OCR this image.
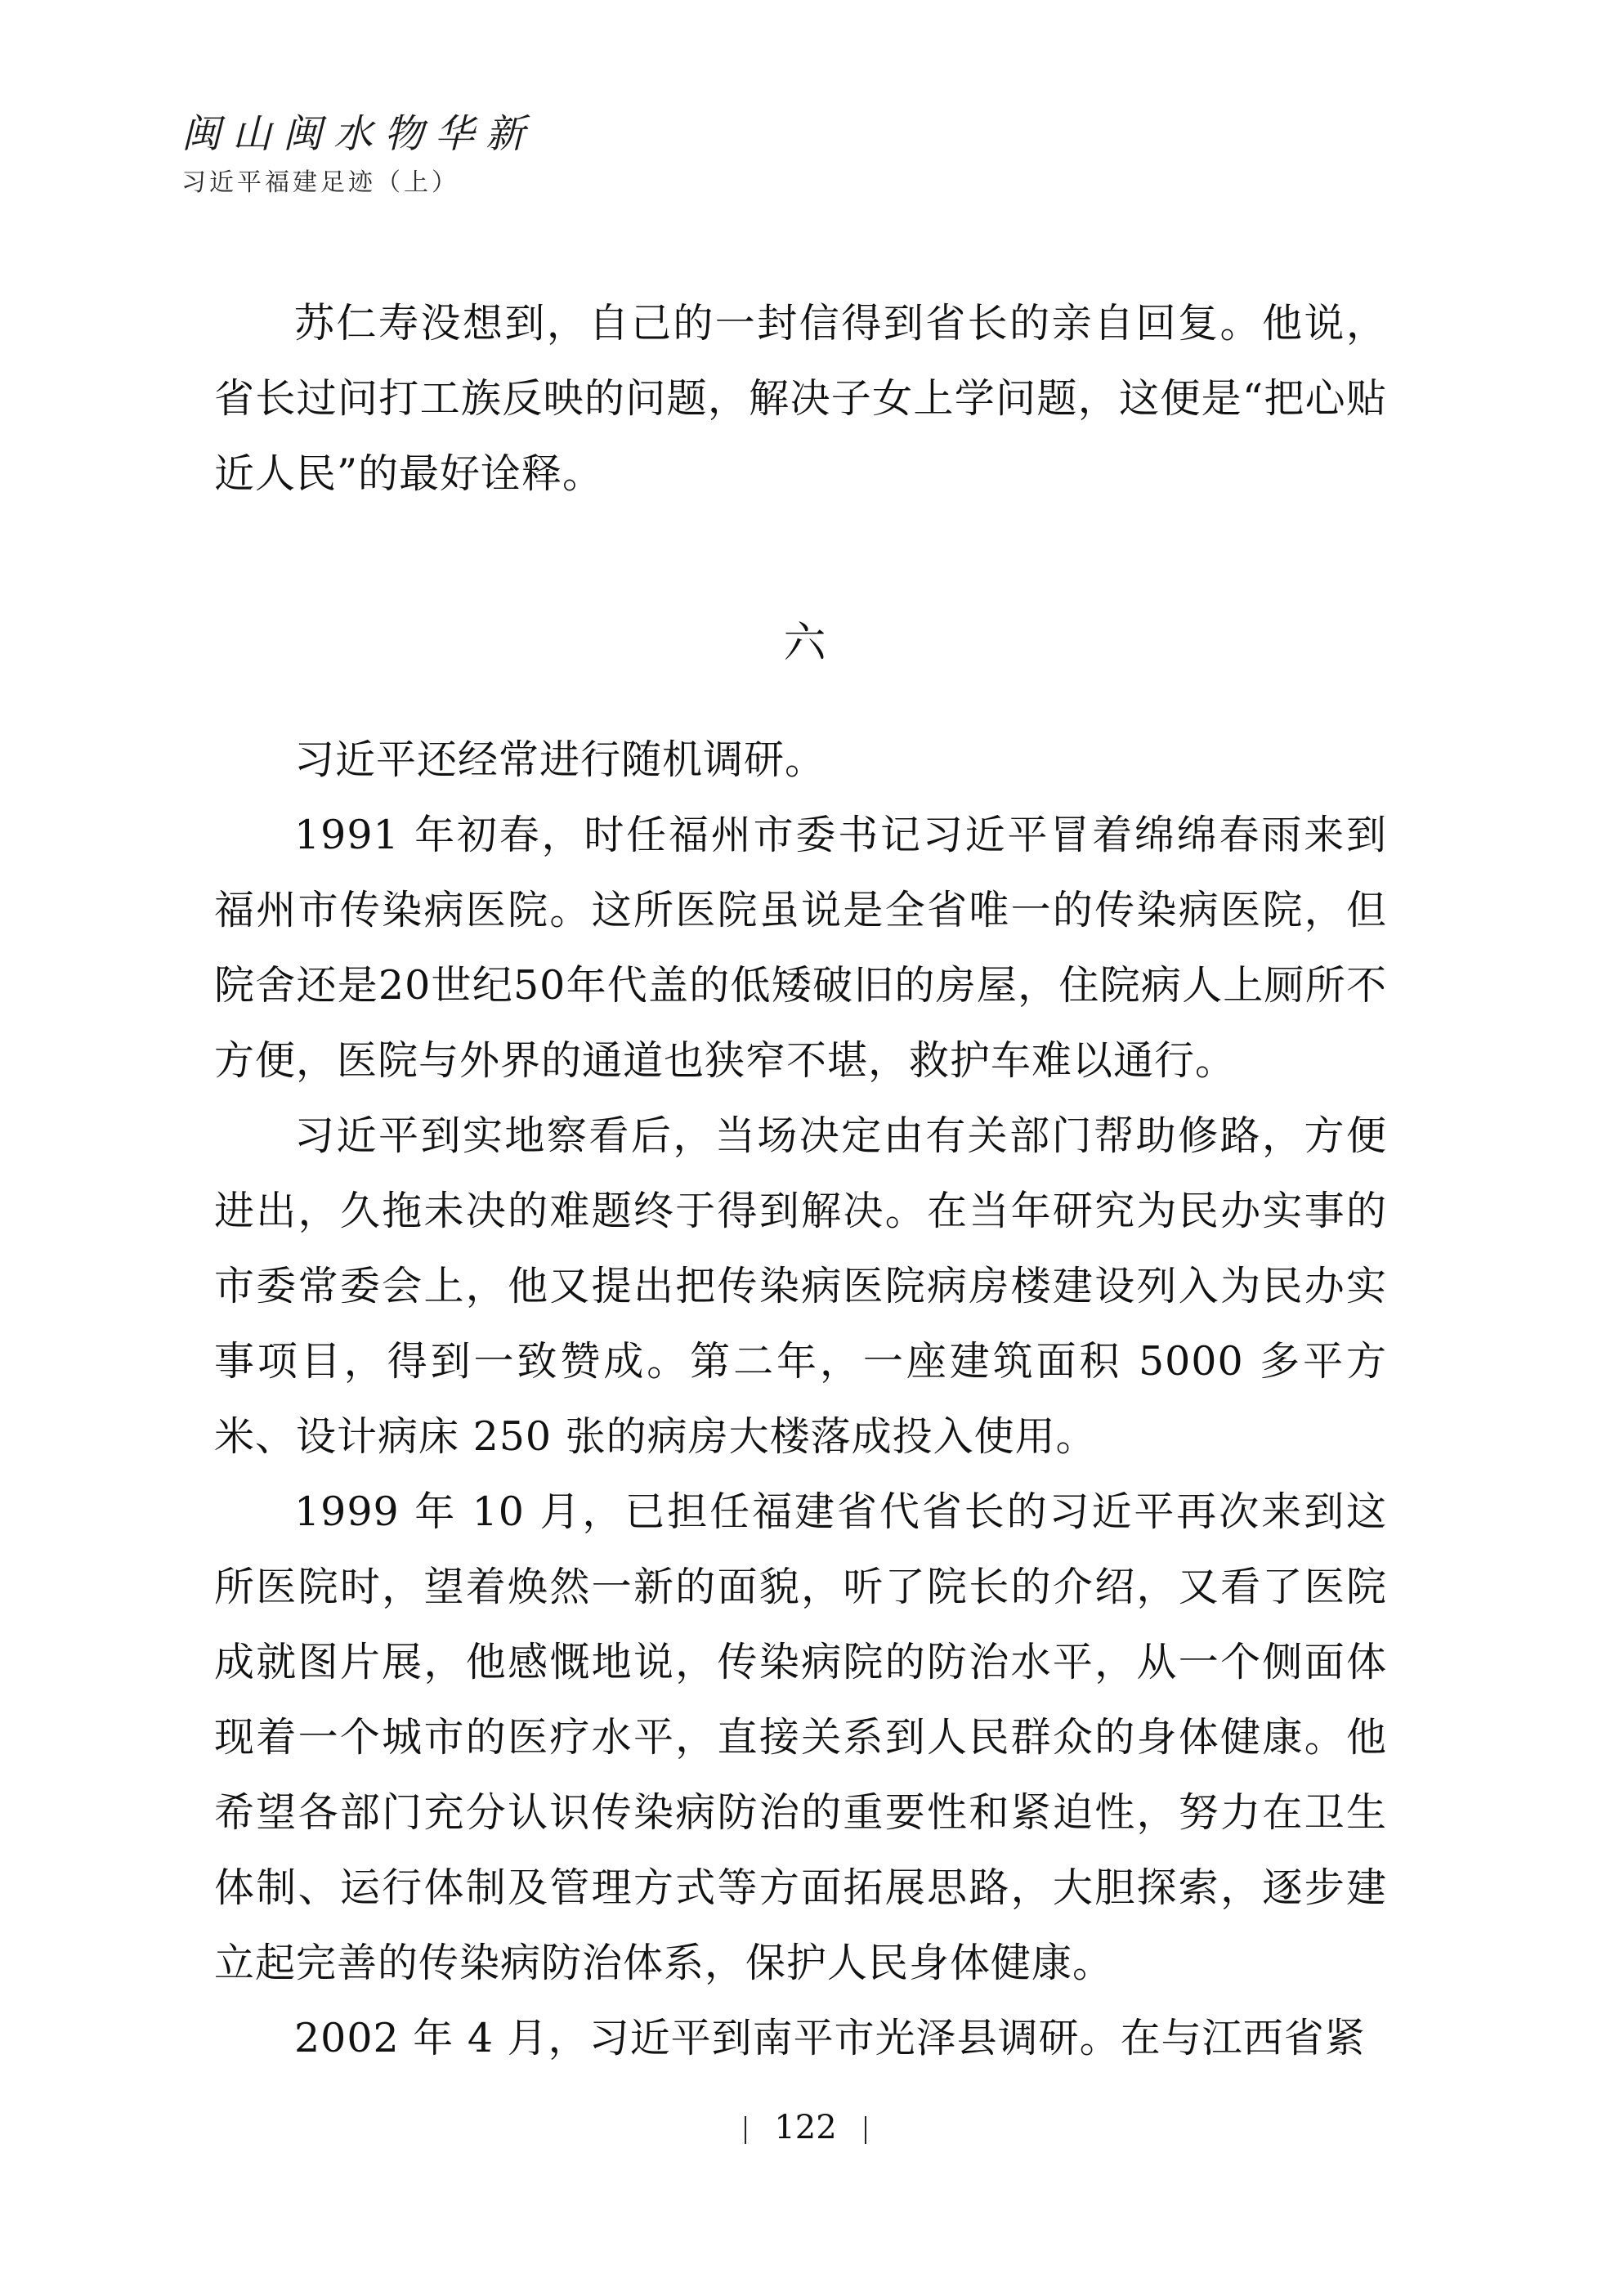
闽山闽水物华新
习近平福建足迹（上）

苏仁寿没想到，自己的一封信得到省长的亲自回复。他说，省长过问打工族反映的问题，解决子女上学问题，这便是“把心贴近人民”的最好诠释。

六

习近平还经常进行随机调研。

1991 年初春，时任福州市委书记习近平冒着绵绵春雨来到福州市传染病医院。这所医院虽说是全省唯一的传染病医院，但院舍还是20世纪50年代盖的低矮破旧的房屋，住院病人上厕所不方便，医院与外界的通道也狭窄不堪，救护车难以通行。

习近平到实地察看后，当场决定由有关部门帮助修路，方便进出，久拖未决的难题终于得到解决。在当年研究为民办实事的市委常委会上，他又提出把传染病医院病房楼建设列入为民办实事项目，得到一致赞成。第二年，一座建筑面积 5000 多平方米、设计病床 250 张的病房大楼落成投入使用。

1999 年 10 月，已担任福建省代省长的习近平再次来到这所医院时，望着焕然一新的面貌，听了院长的介绍，又看了医院成就图片展，他感慨地说，传染病院的防治水平，从一个侧面体现着一个城市的医疗水平，直接关系到人民群众的身体健康。他希望各部门充分认识传染病防治的重要性和紧迫性，努力在卫生体制、运行体制及管理方式等方面拓展思路，大胆探索，逐步建立起完善的传染病防治体系，保护人民身体健康。

2002 年 4 月，习近平到南平市光泽县调研。在与江西省紧

122
